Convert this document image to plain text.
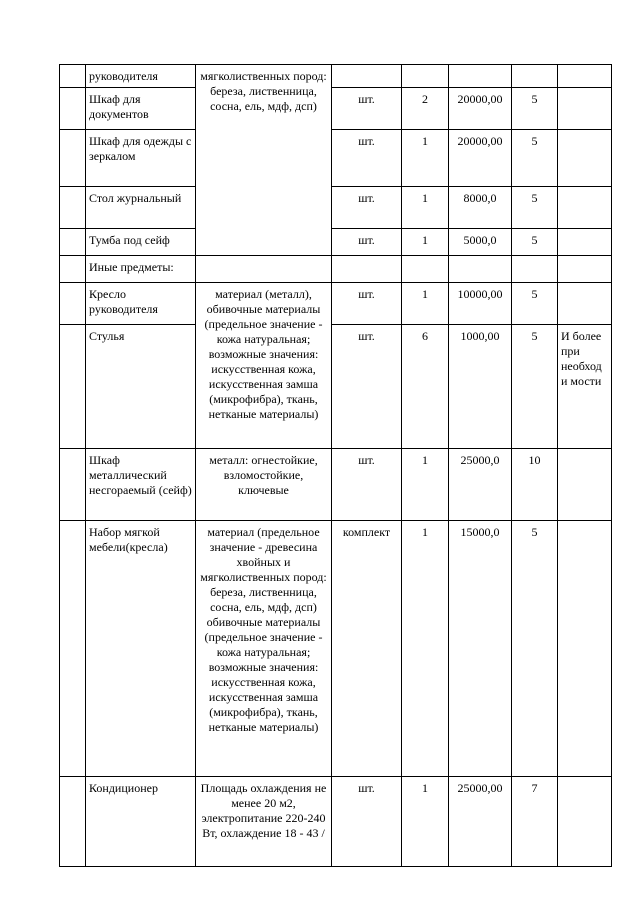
	руководителя	мягколиственных пород: береза, лиственница, сосна, ель, мдф, дсп)					
	Шкаф для документов		шт.	2	20000,00	5	
	Шкаф для одежды с зеркалом		шт.	1	20000,00	5	
	Стол журнальный		шт.	1	8000,0	5	
	Тумба под сейф		шт.	1	5000,0	5	
	Иные предметы:						
	Кресло руководителя	материал (металл), обивочные материалы (предельное значение - кожа натуральная; возможные значения: искусственная кожа, искусственная замша (микрофибра), ткань, нетканые материалы)	шт.	1	10000,00	5	
	Стулья		шт.	6	1000,00	5	И более при необходи мости
	Шкаф металлический несгораемый (сейф)	металл: огнестойкие, взломостойкие, ключевые	шт.	1	25000,0	10	
	Набор мягкой мебели(кресла)	материал (предельное значение - древесина хвойных и мягколиственных пород: береза, лиственница, сосна, ель, мдф, дсп) обивочные материалы (предельное значение - кожа натуральная; возможные значения: искусственная кожа, искусственная замша (микрофибра), ткань, нетканые материалы)	комплект	1	15000,0	5	
	Кондиционер	Площадь охлаждения не менее 20 м2, электропитание 220-240 Вт, охлаждение 18 - 43 /	шт.	1	25000,00	7	
